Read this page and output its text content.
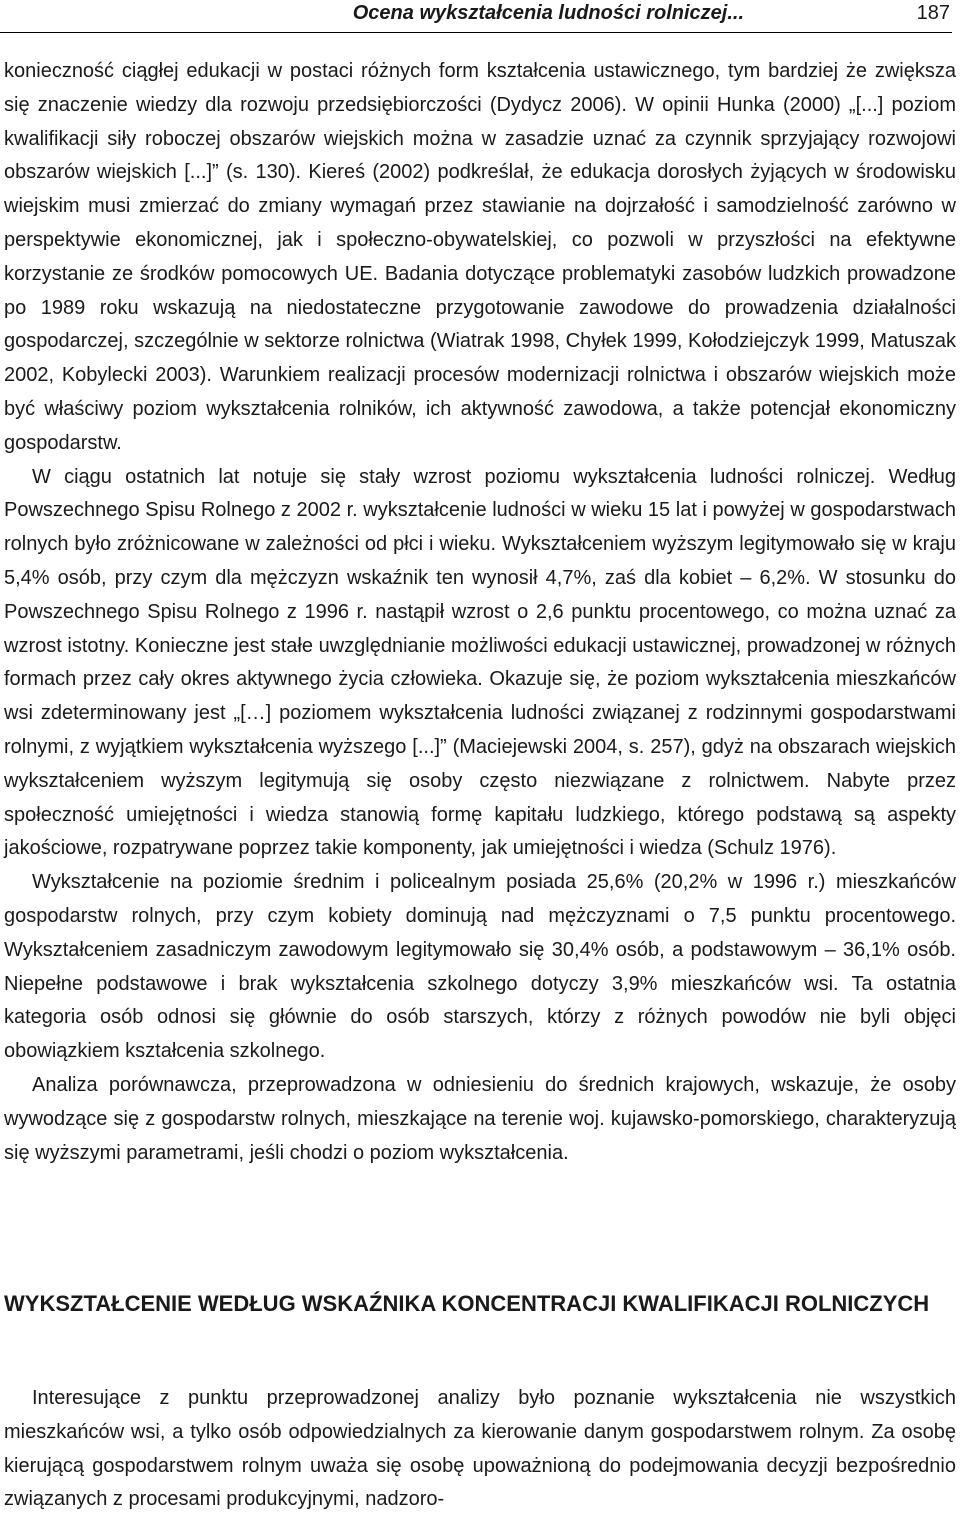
Ocena wykształcenia ludności rolniczej...	187

konieczność ciągłej edukacji w postaci różnych form kształcenia ustawicznego, tym bardziej że zwiększa się znaczenie wiedzy dla rozwoju przedsiębiorczości (Dydycz 2006). W opinii Hunka (2000) „[...] poziom kwalifikacji siły roboczej obszarów wiejskich można w zasadzie uznać za czynnik sprzyjający rozwojowi obszarów wiejskich [...]” (s. 130). Kiereś (2002) podkreślał, że edukacja dorosłych żyjących w środowisku wiejskim musi zmierzać do zmiany wymagań przez stawianie na dojrzałość i samodzielność zarówno w perspektywie ekonomicznej, jak i społeczno-obywatelskiej, co pozwoli w przyszłości na efektywne korzystanie ze środków pomocowych UE. Badania dotyczące problematyki zasobów ludzkich prowadzone po 1989 roku wskazują na niedostateczne przygotowanie zawodowe do prowadzenia działalności gospodarczej, szczególnie w sektorze rolnictwa (Wiatrak 1998, Chyłek 1999, Kołodziejczyk 1999, Matuszak 2002, Kobylecki 2003). Warunkiem realizacji procesów modernizacji rolnictwa i obszarów wiejskich może być właściwy poziom wykształcenia rolników, ich aktywność zawodowa, a także potencjał ekonomiczny gospodarstw.

W ciągu ostatnich lat notuje się stały wzrost poziomu wykształcenia ludności rolniczej. Według Powszechnego Spisu Rolnego z 2002 r. wykształcenie ludności w wieku 15 lat i powyżej w gospodarstwach rolnych było zróżnicowane w zależności od płci i wieku. Wykształceniem wyższym legitymowało się w kraju 5,4% osób, przy czym dla mężczyzn wskaźnik ten wynosił 4,7%, zaś dla kobiet – 6,2%. W stosunku do Powszechnego Spisu Rolnego z 1996 r. nastąpił wzrost o 2,6 punktu procentowego, co można uznać za wzrost istotny. Konieczne jest stałe uwzględnianie możliwości edukacji ustawicznej, prowadzonej w różnych formach przez cały okres aktywnego życia człowieka. Okazuje się, że poziom wykształcenia mieszkańców wsi zdeterminowany jest „[…] poziomem wykształcenia ludności związanej z rodzinnymi gospodarstwami rolnymi, z wyjątkiem wykształcenia wyższego [...]” (Maciejewski 2004, s. 257), gdyż na obszarach wiejskich wykształceniem wyższym legitymują się osoby często niezwiązane z rolnictwem. Nabyte przez społeczność umiejętności i wiedza stanowią formę kapitału ludzkiego, którego podstawą są aspekty jakościowe, rozpatrywane poprzez takie komponenty, jak umiejętności i wiedza (Schulz 1976).

Wykształcenie na poziomie średnim i policealnym posiada 25,6% (20,2% w 1996 r.) mieszkańców gospodarstw rolnych, przy czym kobiety dominują nad mężczyznami o 7,5 punktu procentowego. Wykształceniem zasadniczym zawodowym legitymowało się 30,4% osób, a podstawowym – 36,1% osób. Niepełne podstawowe i brak wykształcenia szkolnego dotyczy 3,9% mieszkańców wsi. Ta ostatnia kategoria osób odnosi się głównie do osób starszych, którzy z różnych powodów nie byli objęci obowiązkiem kształcenia szkolnego.

Analiza porównawcza, przeprowadzona w odniesieniu do średnich krajowych, wskazuje, że osoby wywodzące się z gospodarstw rolnych, mieszkające na terenie woj. kujawsko-pomorskiego, charakteryzują się wyższymi parametrami, jeśli chodzi o poziom wykształcenia.

WYKSZTAŁCENIE WEDŁUG WSKAŹNIKA KONCENTRACJI KWALIFIKACJI ROLNICZYCH

Interesujące z punktu przeprowadzonej analizy było poznanie wykształcenia nie wszystkich mieszkańców wsi, a tylko osób odpowiedzialnych za kierowanie danym gospodarstwem rolnym. Za osobę kierującą gospodarstwem rolnym uważa się osobę upoważnioną do podejmowania decyzji bezpośrednio związanych z procesami produkcyjnymi, nadzoro-
